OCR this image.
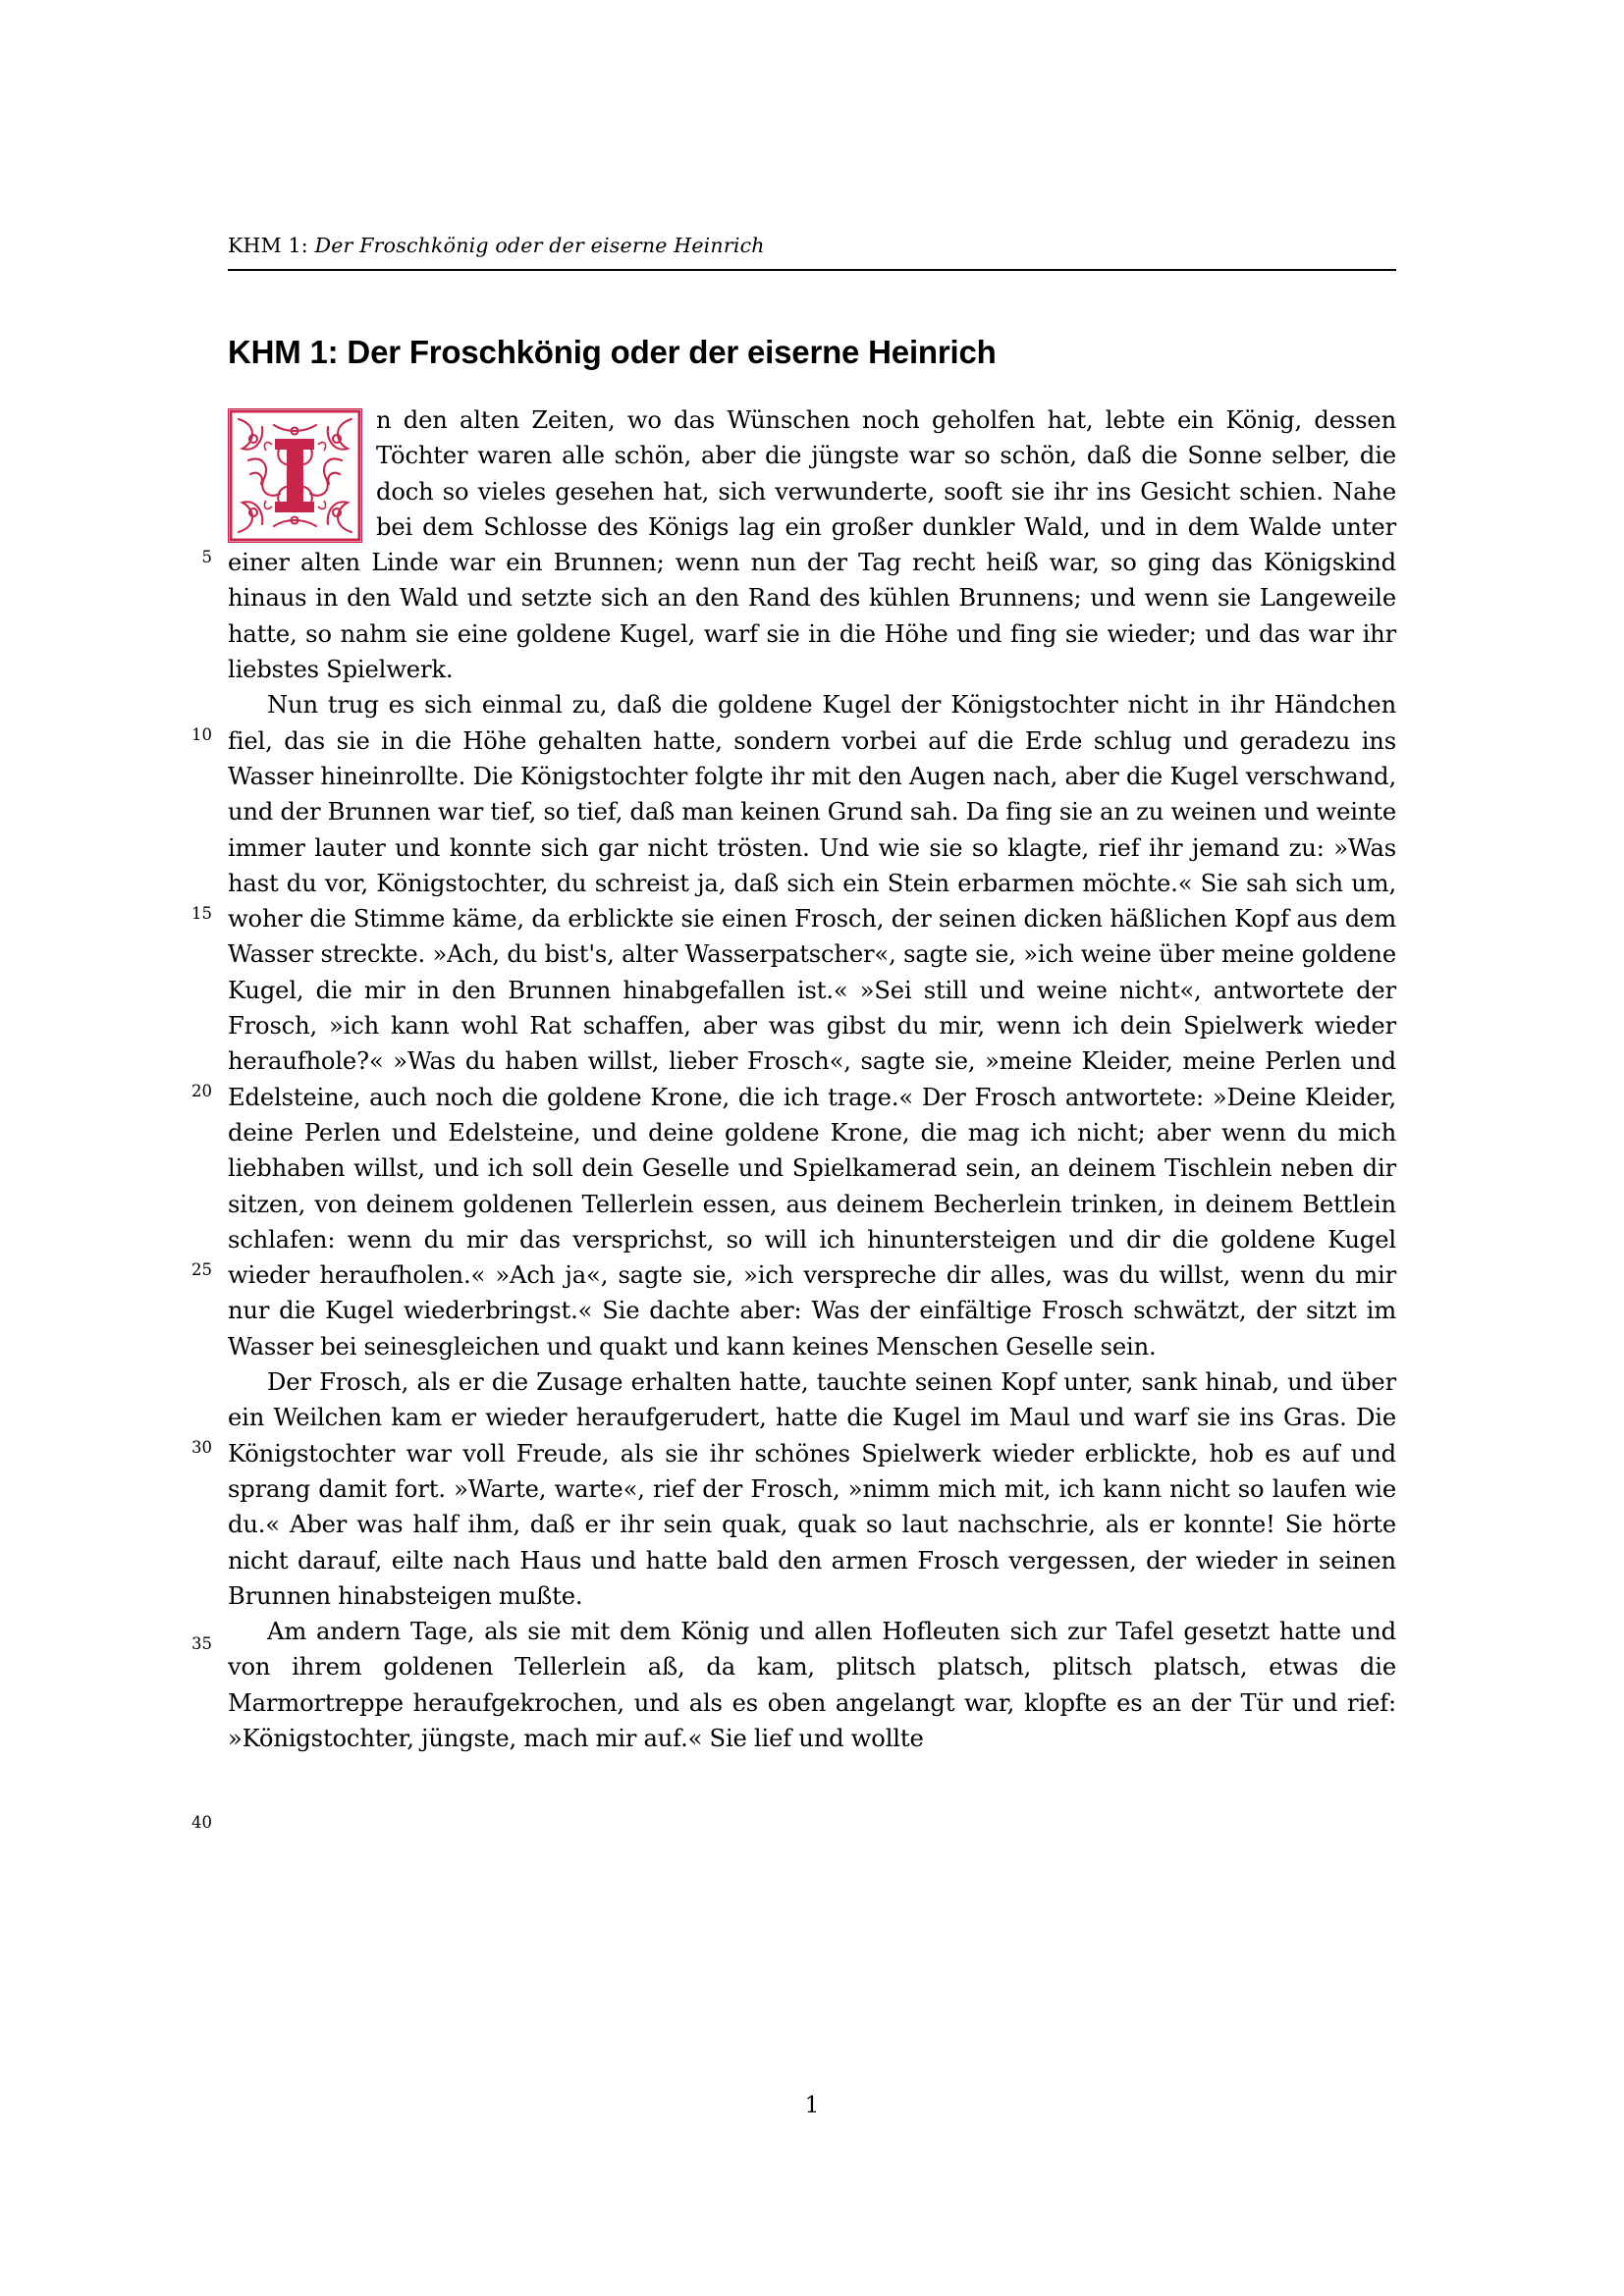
KHM 1: Der Froschkönig oder der eiserne Heinrich
KHM 1: Der Froschkönig oder der eiserne Heinrich

n den alten Zeiten, wo das Wünschen noch geholfen hat, lebte ein König, dessen Töchter waren alle schön, aber die jüngste war so schön, daß die Sonne selber, die doch so vieles gesehen hat, sich verwunderte, sooft sie ihr ins Gesicht schien. Nahe bei dem Schlosse des Königs lag ein großer dunkler Wald, und in dem Walde unter einer alten Linde war ein Brunnen; wenn nun der Tag recht heiß war, so ging das Königskind hinaus in den Wald und setzte sich an den Rand des kühlen Brunnens; und wenn sie Langeweile hatte, so nahm sie eine goldene Kugel, warf sie in die Höhe und fing sie wieder; und das war ihr liebstes Spielwerk.

Nun trug es sich einmal zu, daß die goldene Kugel der Königstochter nicht in ihr Händchen fiel, das sie in die Höhe gehalten hatte, sondern vorbei auf die Erde schlug und geradezu ins Wasser hineinrollte. Die Königstochter folgte ihr mit den Augen nach, aber die Kugel verschwand, und der Brunnen war tief, so tief, daß man keinen Grund sah. Da fing sie an zu weinen und weinte immer lauter und konnte sich gar nicht trösten. Und wie sie so klagte, rief ihr jemand zu: »Was hast du vor, Königstochter, du schreist ja, daß sich ein Stein erbarmen möchte.« Sie sah sich um, woher die Stimme käme, da erblickte sie einen Frosch, der seinen dicken häßlichen Kopf aus dem Wasser streckte. »Ach, du bist's, alter Wasserpatscher«, sagte sie, »ich weine über meine goldene Kugel, die mir in den Brunnen hinabgefallen ist.« »Sei still und weine nicht«, antwortete der Frosch, »ich kann wohl Rat schaffen, aber was gibst du mir, wenn ich dein Spielwerk wieder heraufhole?« »Was du haben willst, lieber Frosch«, sagte sie, »meine Kleider, meine Perlen und Edelsteine, auch noch die goldene Krone, die ich trage.« Der Frosch antwortete: »Deine Kleider, deine Perlen und Edelsteine, und deine goldene Krone, die mag ich nicht; aber wenn du mich liebhaben willst, und ich soll dein Geselle und Spielkamerad sein, an deinem Tischlein neben dir sitzen, von deinem goldenen Tellerlein essen, aus deinem Becherlein trinken, in deinem Bettlein schlafen: wenn du mir das versprichst, so will ich hinuntersteigen und dir die goldene Kugel wieder heraufholen.« »Ach ja«, sagte sie, »ich verspreche dir alles, was du willst, wenn du mir nur die Kugel wiederbringst.« Sie dachte aber: Was der einfältige Frosch schwätzt, der sitzt im Wasser bei seinesgleichen und quakt und kann keines Menschen Geselle sein.

Der Frosch, als er die Zusage erhalten hatte, tauchte seinen Kopf unter, sank hinab, und über ein Weilchen kam er wieder heraufgerudert, hatte die Kugel im Maul und warf sie ins Gras. Die Königstochter war voll Freude, als sie ihr schönes Spielwerk wieder erblickte, hob es auf und sprang damit fort. »Warte, warte«, rief der Frosch, »nimm mich mit, ich kann nicht so laufen wie du.« Aber was half ihm, daß er ihr sein quak, quak so laut nachschrie, als er konnte! Sie hörte nicht darauf, eilte nach Haus und hatte bald den armen Frosch vergessen, der wieder in seinen Brunnen hinabsteigen mußte.

Am andern Tage, als sie mit dem König und allen Hofleuten sich zur Tafel gesetzt hatte und von ihrem goldenen Tellerlein aß, da kam, plitsch platsch, plitsch platsch, etwas die Marmortreppe heraufgekrochen, und als es oben angelangt war, klopfte es an der Tür und rief: »Königstochter, jüngste, mach mir auf.« Sie lief und wollte

5
10
15
20
25
30
35
40
1
